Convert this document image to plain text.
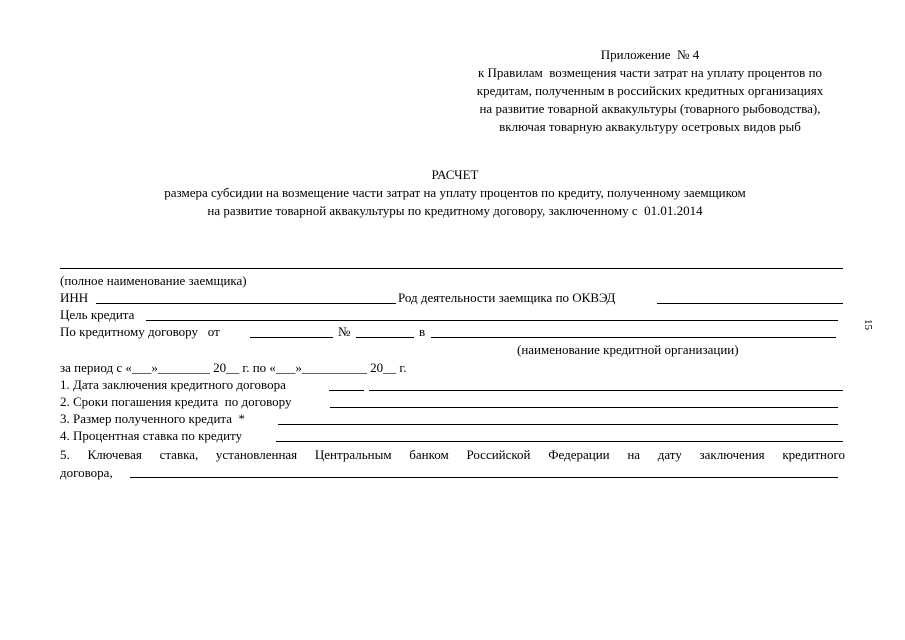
Приложение  № 4
к Правилам  возмещения части затрат на уплату процентов по
кредитам, полученным в российских кредитных организациях
на развитие товарной аквакультуры (товарного рыбоводства),
включая товарную аквакультуру осетровых видов рыб
РАСЧЕТ
размера субсидии на возмещение части затрат на уплату процентов по кредиту, полученному заемщиком
на развитие товарной аквакультуры по кредитному договору, заключенному с  01.01.2014
(полное наименование заемщика)
ИНН	Род деятельности заемщика по ОКВЭД
Цель кредита
По кредитному договору   от	№	в
(наименование кредитной организации)
за период с «___»________ 20__ г. по «___»__________ 20__ г.
1. Дата заключения кредитного договора
2. Сроки погашения кредита  по договору
3. Размер полученного кредита  *
4. Процентная ставка по кредиту
5. Ключевая ставка, установленная Центральным банком Российской Федерации на дату заключения кредитного
договора,
15
